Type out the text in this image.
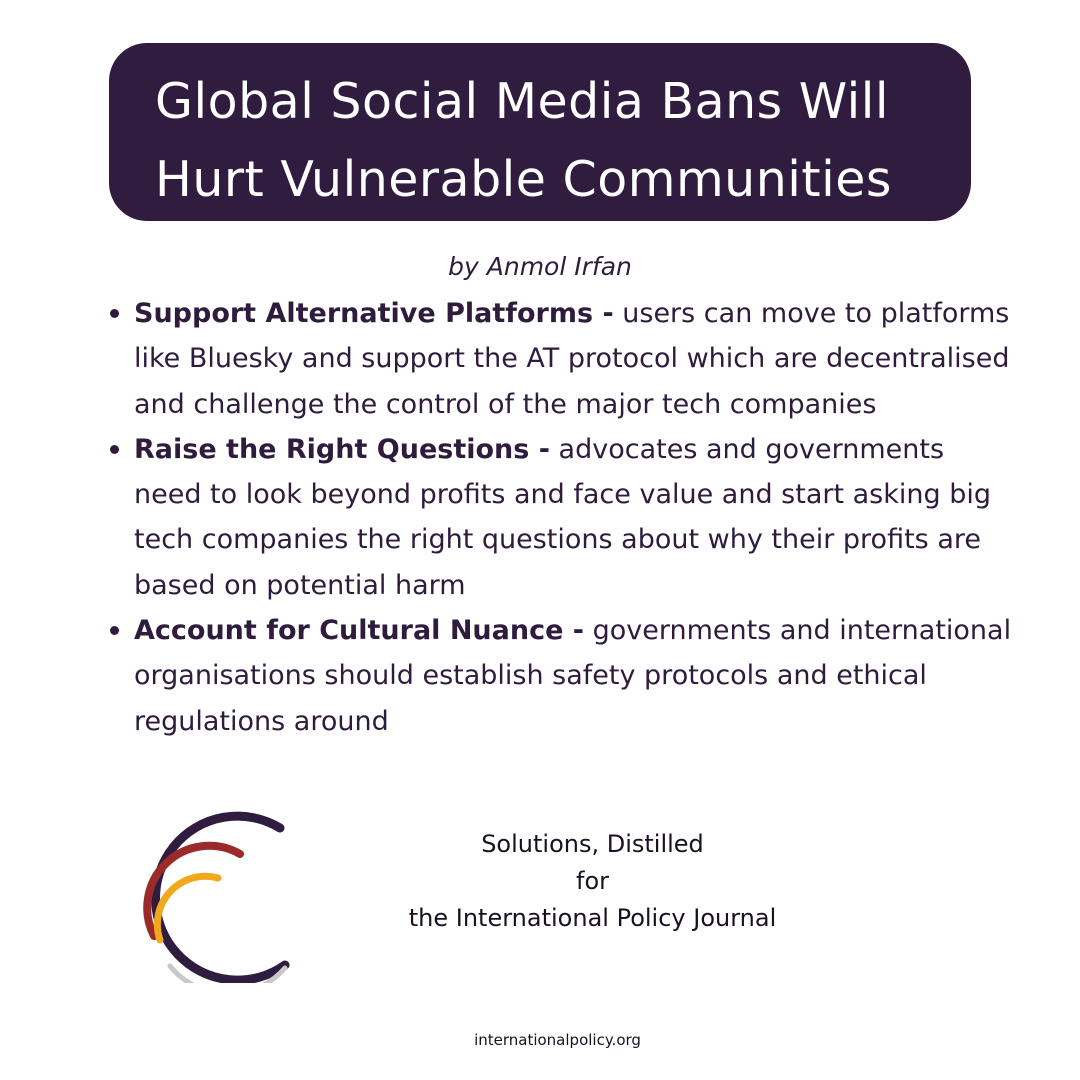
Global Social Media Bans Will
Hurt Vulnerable Communities
by Anmol Irfan
Support Alternative Platforms - users can move to platforms like Bluesky and support the AT protocol which are decentralised and challenge the control of the major tech companies
Raise the Right Questions - advocates and governments need to look beyond profits and face value and start asking big tech companies the right questions about why their profits are based on potential harm
Account for Cultural Nuance - governments and international organisations should establish safety protocols and ethical regulations around
Solutions, Distilled
for
the International Policy Journal
internationalpolicy.org
